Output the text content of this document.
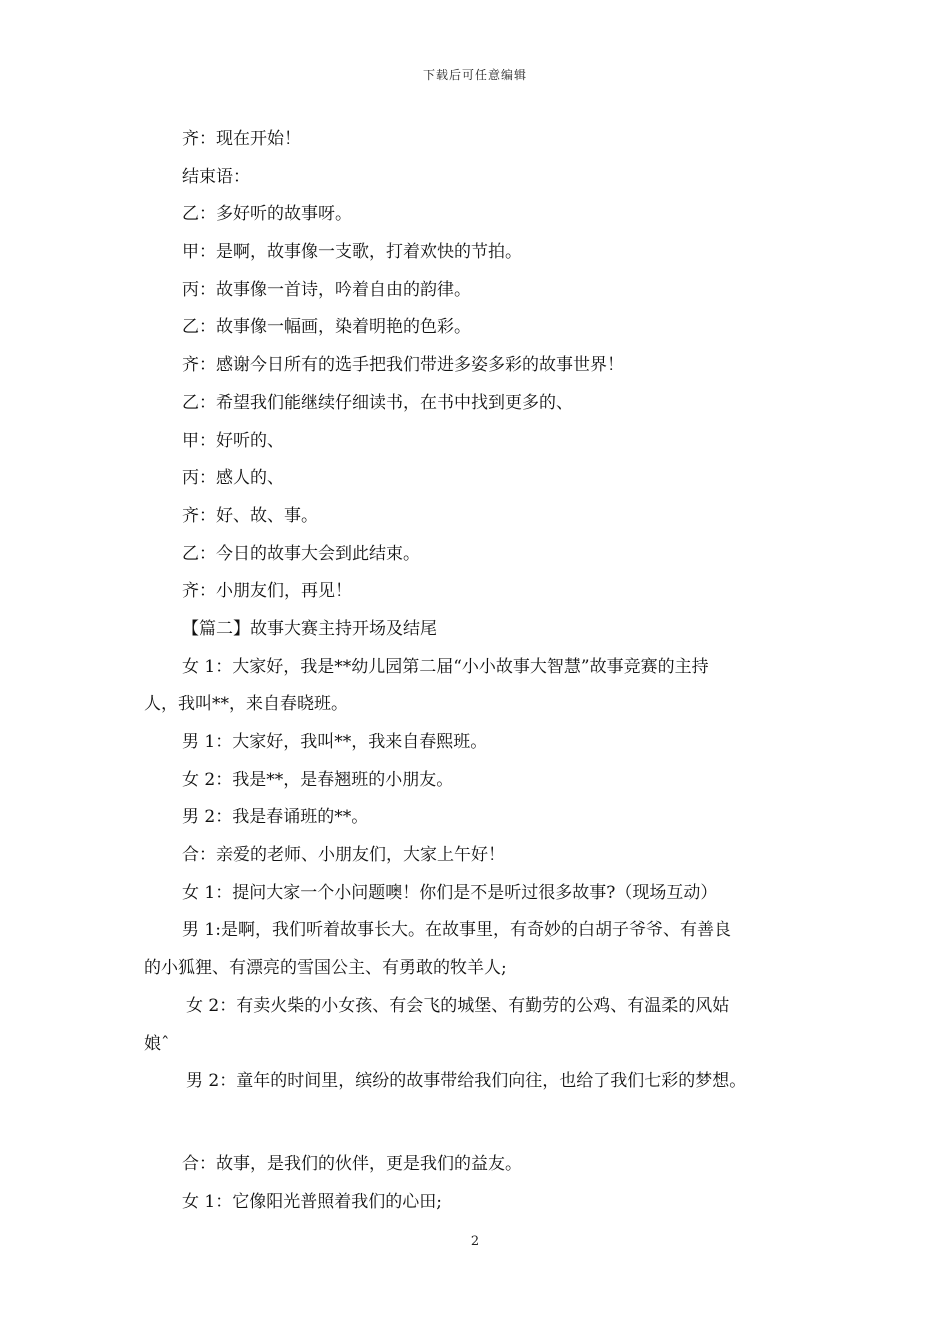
下载后可任意编辑
齐：现在开始！
结束语：
乙：多好听的故事呀。
甲：是啊，故事像一支歌，打着欢快的节拍。
丙：故事像一首诗，吟着自由的韵律。
乙：故事像一幅画，染着明艳的色彩。
齐：感谢今日所有的选手把我们带进多姿多彩的故事世界！
乙：希望我们能继续仔细读书，在书中找到更多的、
甲：好听的、
丙：感人的、
齐：好、故、事。
乙：今日的故事大会到此结束。
齐：小朋友们，再见！
【篇二】故事大赛主持开场及结尾
女 1：大家好，我是**幼儿园第二届“小小故事大智慧”故事竞赛的主持
人，我叫**，来自春晓班。
男 1：大家好，我叫**，我来自春熙班。
女 2：我是**，是春翘班的小朋友。
男 2：我是春诵班的**。
合：亲爱的老师、小朋友们，大家上午好！
女 1：提问大家一个小问题噢！你们是不是听过很多故事?（现场互动）
男 1:是啊，我们听着故事长大。在故事里，有奇妙的白胡子爷爷、有善良
的小狐狸、有漂亮的雪国公主、有勇敢的牧羊人;
女 2：有卖火柴的小女孩、有会飞的城堡、有勤劳的公鸡、有温柔的风姑
娘ˆ
男 2：童年的时间里，缤纷的故事带给我们向往，也给了我们七彩的梦想。
合：故事，是我们的伙伴，更是我们的益友。
女 1：它像阳光普照着我们的心田;
2
